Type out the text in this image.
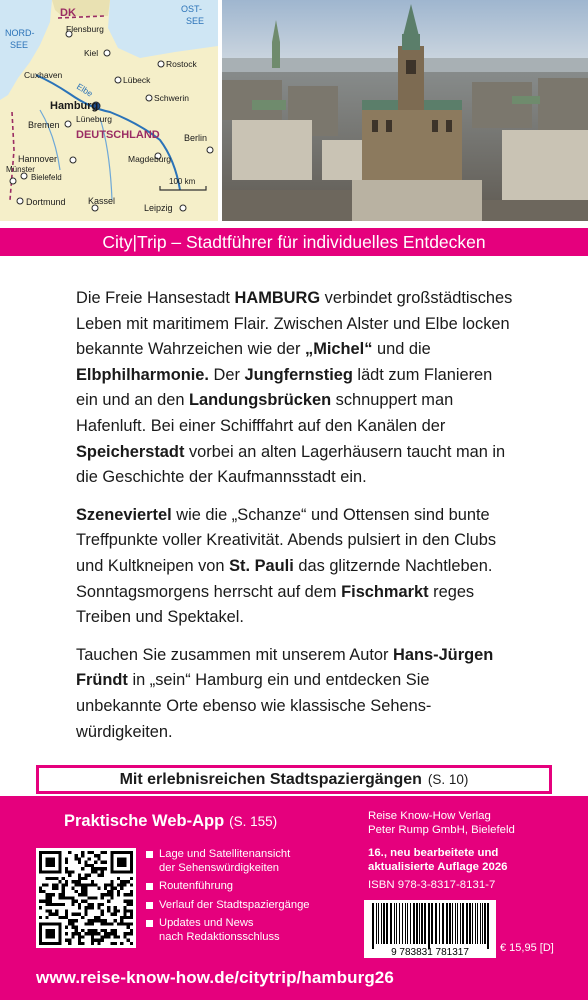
DK	OST-
SEE
NORD-
SEE
Flensburg
Kiel
Cuxhaven
Elbe
Lübeck
Rostock
Hamburg
Schwerin
Bremen
Lüneburg
DEUTSCHLAND	Berlin
Hannover
Münster
Bielefeld
Magdeburg
100 km
Dortmund Kassel
Leipzig
City|Trip – Stadtführer für individuelles Entdecken

Die Freie Hansestadt HAMBURG verbindet großstädtisches Leben mit maritimem Flair. Zwischen Alster und Elbe locken bekannte Wahrzeichen wie der „Michel“ und die Elbphilharmonie. Der Jungfernstieg lädt zum Flanieren ein und an den Landungsbrücken schnuppert man Hafenluft. Bei einer Schifffahrt auf den Kanälen der Speicherstadt vorbei an alten Lagerhäusern taucht man in die Geschichte der Kaufmannsstadt ein.

Szeneviertel wie die „Schanze“ und Ottensen sind bunte Treffpunkte voller Kreativität. Abends pulsiert in den Clubs und Kultkneipen von St. Pauli das glitzernde Nachtleben. Sonntagsmorgens herrscht auf dem Fischmarkt reges Treiben und Spektakel.

Tauchen Sie zusammen mit unserem Autor Hans-Jürgen Fründt in „sein“ Hamburg ein und entdecken Sie unbekannte Orte ebenso wie klassische Sehenswürdigkeiten.

Mit erlebnisreichen Stadtspaziergängen (S. 10)
Praktische Web-App (S. 155)
Lage und Satellitenansicht
der Sehenswürdigkeiten
Routenführung
Verlauf der Stadtspaziergänge
Updates und News
nach Redaktionsschluss
Reise Know-How Verlag
Peter Rump GmbH, Bielefeld
16., neu bearbeitete und
aktualisierte Auflage 2026
ISBN 978-3-8317-8131-7
9 783831 781317	€ 15,95 [D]
www.reise-know-how.de/citytrip/hamburg26
